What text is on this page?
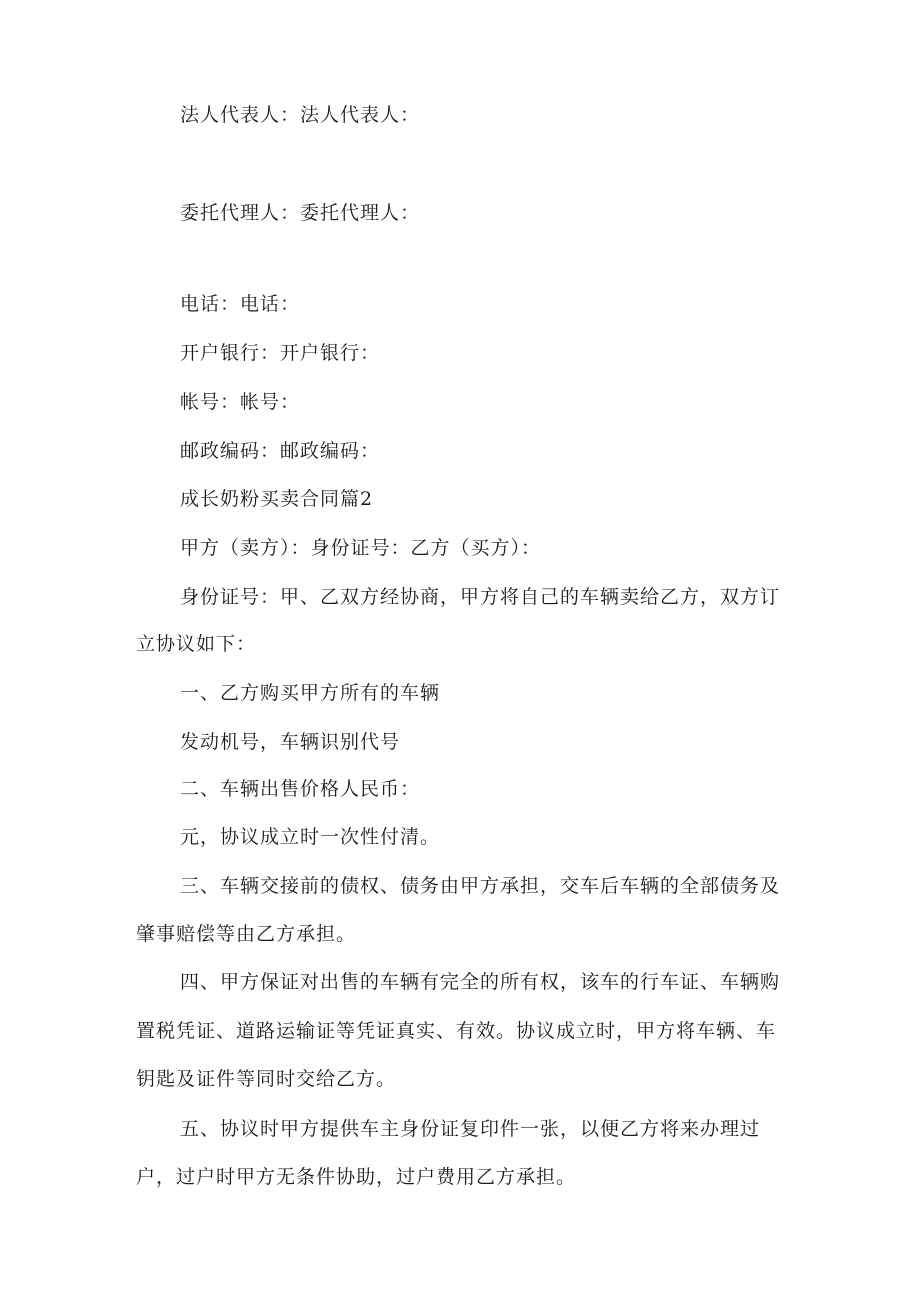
法人代表人：法人代表人：
委托代理人：委托代理人：
电话：电话：
开户银行：开户银行：
帐号：帐号：
邮政编码：邮政编码：
成长奶粉买卖合同篇2
甲方（卖方）：身份证号：乙方（买方）：
身份证号：甲、乙双方经协商，甲方将自己的车辆卖给乙方，双方订
立协议如下：
一、乙方购买甲方所有的车辆
发动机号，车辆识别代号
二、车辆出售价格人民币：
元，协议成立时一次性付清。
三、车辆交接前的债权、债务由甲方承担，交车后车辆的全部债务及
肇事赔偿等由乙方承担。
四、甲方保证对出售的车辆有完全的所有权，该车的行车证、车辆购
置税凭证、道路运输证等凭证真实、有效。协议成立时，甲方将车辆、车
钥匙及证件等同时交给乙方。
五、协议时甲方提供车主身份证复印件一张，以便乙方将来办理过
户，过户时甲方无条件协助，过户费用乙方承担。
